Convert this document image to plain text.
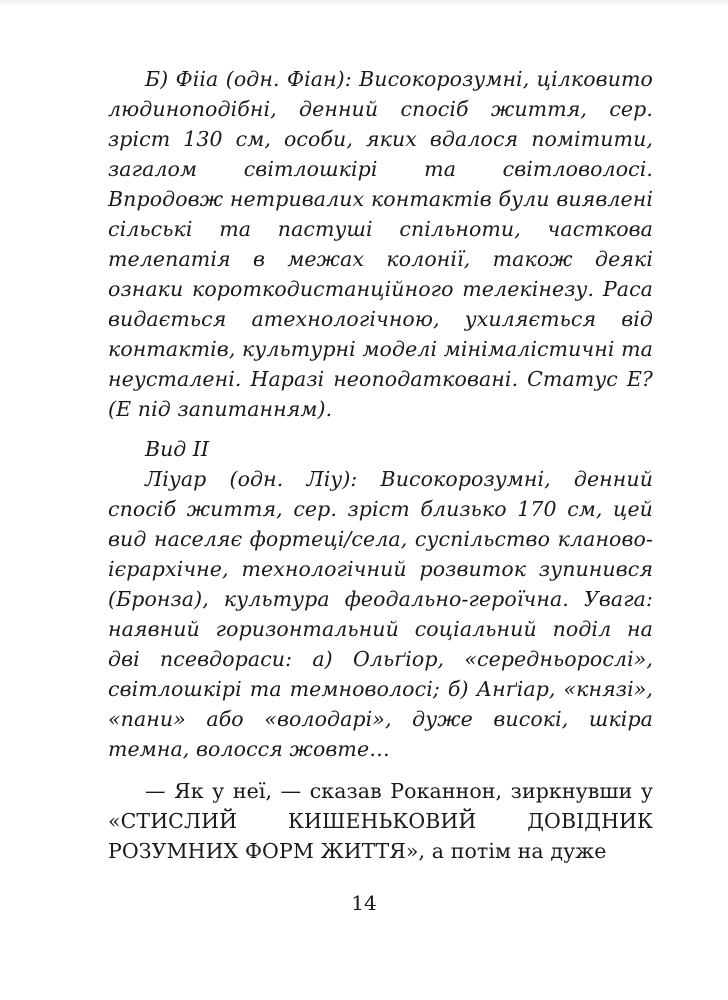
Б) Фііа (одн. Фіан): Високорозумні, цілковито людиноподібні, денний спосіб життя, сер. зріст 130 см, особи, яких вдалося помітити, загалом світлошкірі та світловолосі. Впродовж нетривалих контактів були виявлені сільські та пастуші спільноти, часткова телепатія в межах колонії, також деякі ознаки короткодистанційного телекінезу. Раса видається атехнологічною, ухиляється від контактів, культурні моделі мінімалістичні та неусталені. Наразі неоподатковані. Статус Е? (Е під запитанням).

Вид ІІ

Ліуар (одн. Ліу): Високорозумні, денний спосіб життя, сер. зріст близько 170 см, цей вид населяє фортеці/села, суспільство кланово-ієрархічне, технологічний розвиток зупинився (Бронза), культура феодально-героїчна. Увага: наявний горизонтальний соціальний поділ на дві псевдораси: а) Ольґіор, «середньорослі», світлошкірі та темноволосі; б) Анґіар, «князі», «пани» або «володарі», дуже високі, шкіра темна, волосся жовте…

— Як у неї, — сказав Роканнон, зиркнувши у «СТИСЛИЙ КИШЕНЬКОВИЙ ДОВІДНИК РОЗУМНИХ ФОРМ ЖИТТЯ», а потім на дуже

14
